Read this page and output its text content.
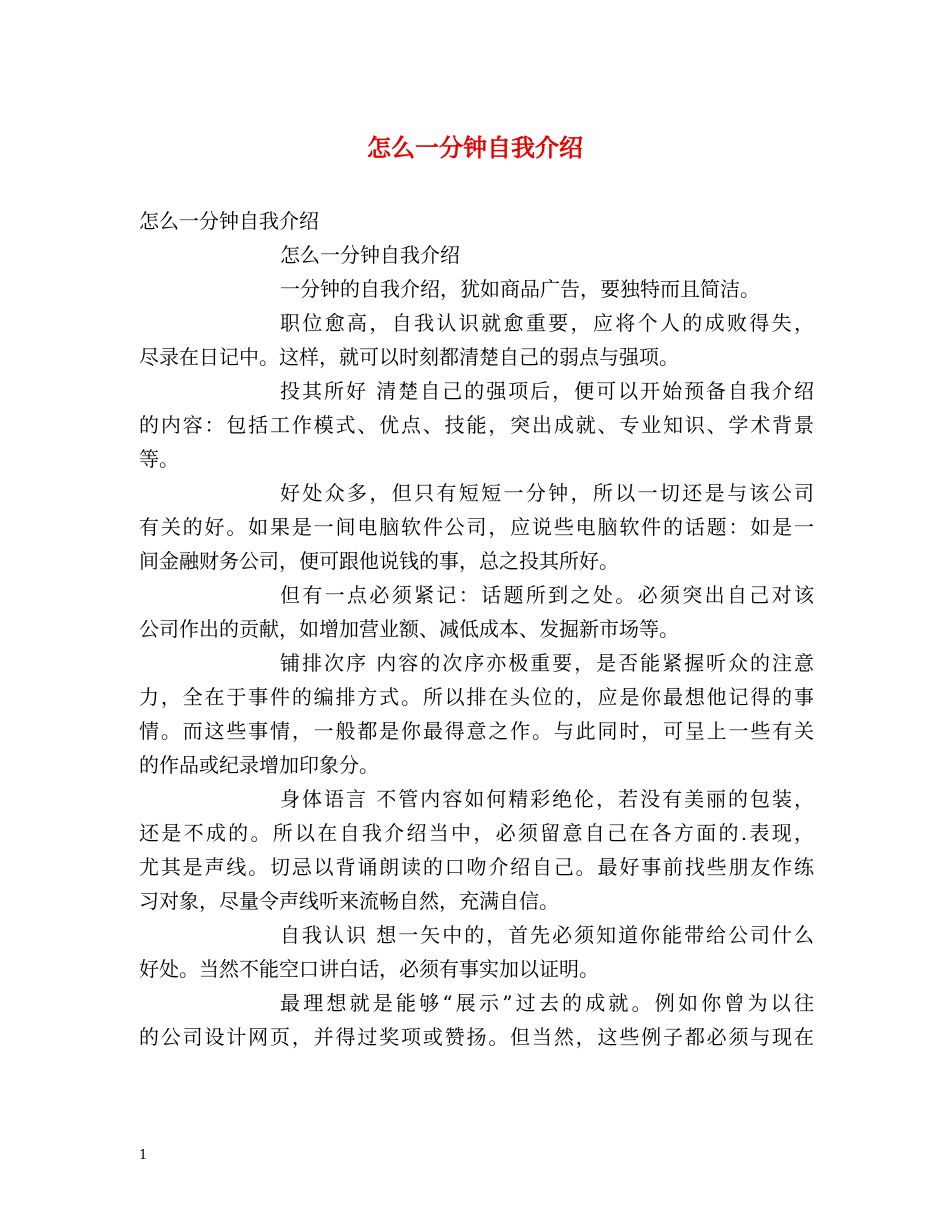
怎么一分钟自我介绍
怎么一分钟自我介绍
怎么一分钟自我介绍
一分钟的自我介绍，犹如商品广告，要独特而且简洁。
职位愈高，自我认识就愈重要，应将个人的成败得失，
尽录在日记中。这样，就可以时刻都清楚自己的弱点与强项。
投其所好 清楚自己的强项后，便可以开始预备自我介绍
的内容：包括工作模式、优点、技能，突出成就、专业知识、学术背景
等。
好处众多，但只有短短一分钟，所以一切还是与该公司
有关的好。如果是一间电脑软件公司，应说些电脑软件的话题：如是一
间金融财务公司，便可跟他说钱的事，总之投其所好。
但有一点必须紧记：话题所到之处。必须突出自己对该
公司作出的贡献，如增加营业额、减低成本、发掘新市场等。
铺排次序 内容的次序亦极重要，是否能紧握听众的注意
力，全在于事件的编排方式。所以排在头位的，应是你最想他记得的事
情。而这些事情，一般都是你最得意之作。与此同时，可呈上一些有关
的作品或纪录增加印象分。
身体语言 不管内容如何精彩绝伦，若没有美丽的包装，
还是不成的。所以在自我介绍当中，必须留意自己在各方面的.表现，
尤其是声线。切忌以背诵朗读的口吻介绍自己。最好事前找些朋友作练
习对象，尽量令声线听来流畅自然，充满自信。
自我认识 想一矢中的，首先必须知道你能带给公司什么
好处。当然不能空口讲白话，必须有事实加以证明。
最理想就是能够“展示”过去的成就。例如你曾为以往
的公司设计网页，并得过奖项或赞扬。但当然，这些例子都必须与现在
1
